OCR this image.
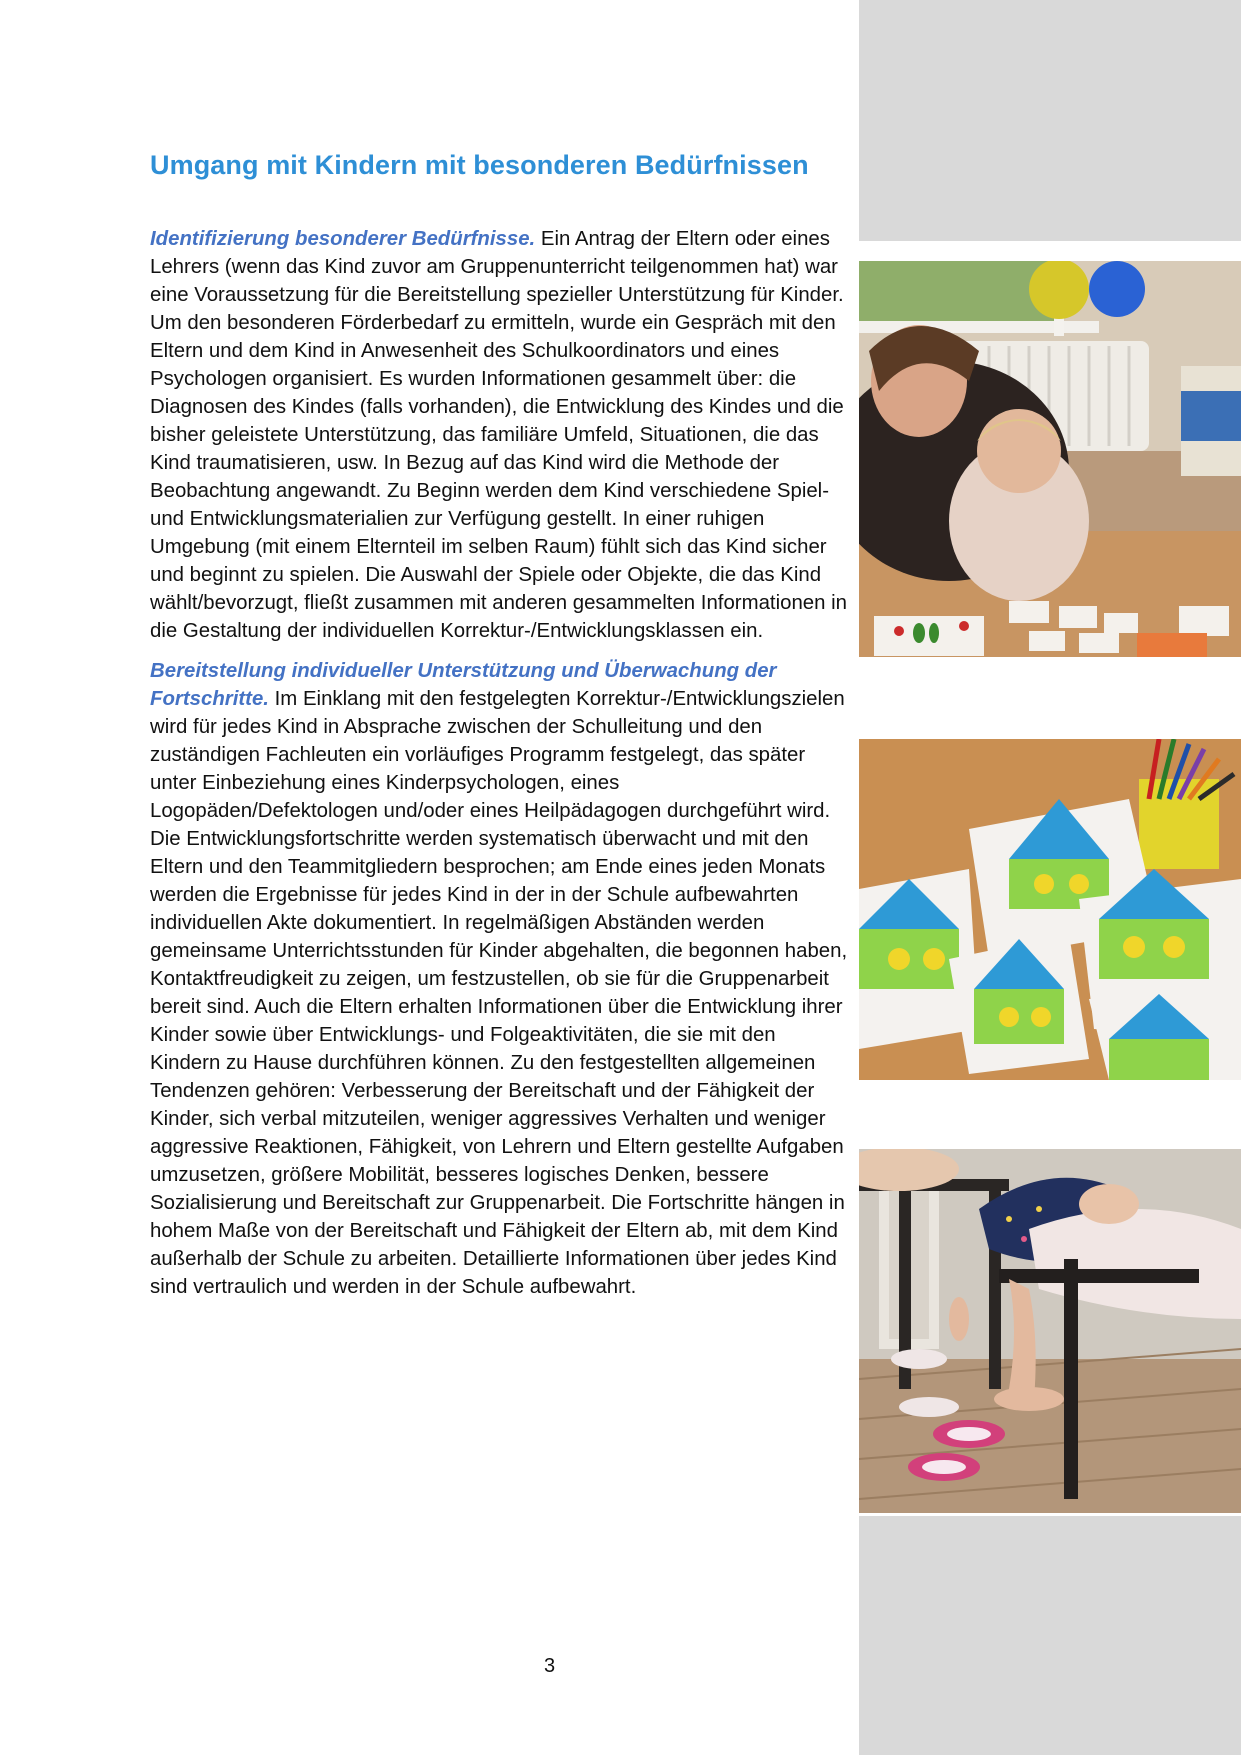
Umgang mit Kindern mit besonderen Bedürfnissen

Identifizierung besonderer Bedürfnisse. Ein Antrag der Eltern oder eines Lehrers (wenn das Kind zuvor am Gruppenunterricht teilgenommen hat) war eine Voraussetzung für die Bereitstellung spezieller Unterstützung für Kinder. Um den besonderen Förderbedarf zu ermitteln, wurde ein Gespräch mit den Eltern und dem Kind in Anwesenheit des Schulkoordinators und eines Psychologen organisiert. Es wurden Informationen gesammelt über: die Diagnosen des Kindes (falls vorhanden), die Entwicklung des Kindes und die bisher geleistete Unterstützung, das familiäre Umfeld, Situationen, die das Kind traumatisieren, usw. In Bezug auf das Kind wird die Methode der Beobachtung angewandt. Zu Beginn werden dem Kind verschiedene Spiel- und Entwicklungsmaterialien zur Verfügung gestellt. In einer ruhigen Umgebung (mit einem Elternteil im selben Raum) fühlt sich das Kind sicher und beginnt zu spielen. Die Auswahl der Spiele oder Objekte, die das Kind wählt/bevorzugt, fließt zusammen mit anderen gesammelten Informationen in die Gestaltung der individuellen Korrektur-/Entwicklungsklassen ein.

Bereitstellung individueller Unterstützung und Überwachung der Fortschritte. Im Einklang mit den festgelegten Korrektur-/Entwicklungszielen wird für jedes Kind in Absprache zwischen der Schulleitung und den zuständigen Fachleuten ein vorläufiges Programm festgelegt, das später unter Einbeziehung eines Kinderpsychologen, eines Logopäden/Defektologen und/oder eines Heilpädagogen durchgeführt wird. Die Entwicklungsfortschritte werden systematisch überwacht und mit den Eltern und den Teammitgliedern besprochen; am Ende eines jeden Monats werden die Ergebnisse für jedes Kind in der in der Schule aufbewahrten individuellen Akte dokumentiert. In regelmäßigen Abständen werden gemeinsame Unterrichtsstunden für Kinder abgehalten, die begonnen haben, Kontaktfreudigkeit zu zeigen, um festzustellen, ob sie für die Gruppenarbeit bereit sind. Auch die Eltern erhalten Informationen über die Entwicklung ihrer Kinder sowie über Entwicklungs- und Folgeaktivitäten, die sie mit den Kindern zu Hause durchführen können. Zu den festgestellten allgemeinen Tendenzen gehören: Verbesserung der Bereitschaft und der Fähigkeit der Kinder, sich verbal mitzuteilen, weniger aggressives Verhalten und weniger aggressive Reaktionen, Fähigkeit, von Lehrern und Eltern gestellte Aufgaben umzusetzen, größere Mobilität, besseres logisches Denken, bessere Sozialisierung und Bereitschaft zur Gruppenarbeit. Die Fortschritte hängen in hohem Maße von der Bereitschaft und Fähigkeit der Eltern ab, mit dem Kind außerhalb der Schule zu arbeiten. Detaillierte Informationen über jedes Kind sind vertraulich und werden in der Schule aufbewahrt.

3
